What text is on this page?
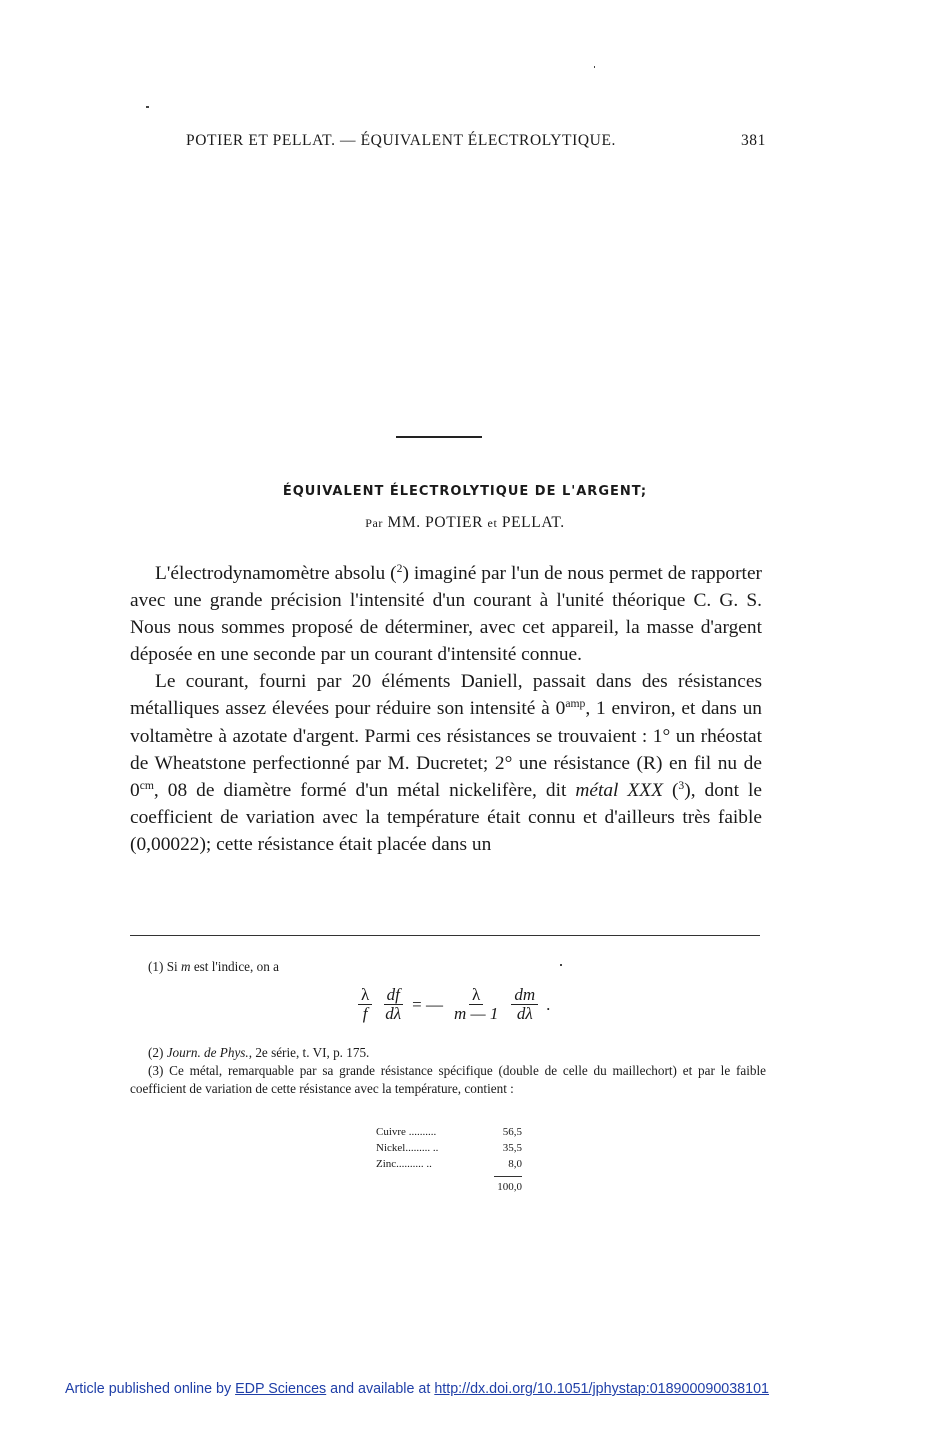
POTIER ET PELLAT. — ÉQUIVALENT ÉLECTROLYTIQUE.	381
ÉQUIVALENT ÉLECTROLYTIQUE DE L'ARGENT;
Par MM. POTIER et PELLAT.

L'électrodynamomètre absolu ($^2$) imaginé par l'un de nous permet de rapporter avec une grande précision l'intensité d'un courant à l'unité théorique C. G. S. Nous nous sommes proposé de déterminer, avec cet appareil, la masse d'argent déposée en une seconde par un courant d'intensité connue.

Le courant, fourni par 20 éléments Daniell, passait dans des résistances métalliques assez élevées pour réduire son intensité à $0^{amp}$, 1 environ, et dans un voltamètre à azotate d'argent. Parmi ces résistances se trouvaient : 1° un rhéostat de Wheatstone perfectionné par M. Ducretet; 2° une résistance (R) en fil nu de $0^{cm}$, 08 de diamètre formé d'un métal nickelifère, dit métal XXX ($^3$), dont le coefficient de variation avec la température était connu et d'ailleurs très faible (0,00022); cette résistance était placée dans un

(1) Si m est l'indice, on a
$\frac{\lambda}{f} \frac{df}{d\lambda}$ = — $\frac{\lambda}{m — 1} \frac{dm}{d\lambda}$ .
(2) Journ. de Phys., 2e série, t. VI, p. 175.
(3) Ce métal, remarquable par sa grande résistance spécifique (double de celle du maillechort) et par le faible coefficient de variation de cette résistance avec la température, contient :
Cuivre ..........	56,5
Nickel......... ..	35,5
Zinc.......... ..	8,0
100,0
Article published online by EDP Sciences and available at http://dx.doi.org/10.1051/jphystap:018900090038101
